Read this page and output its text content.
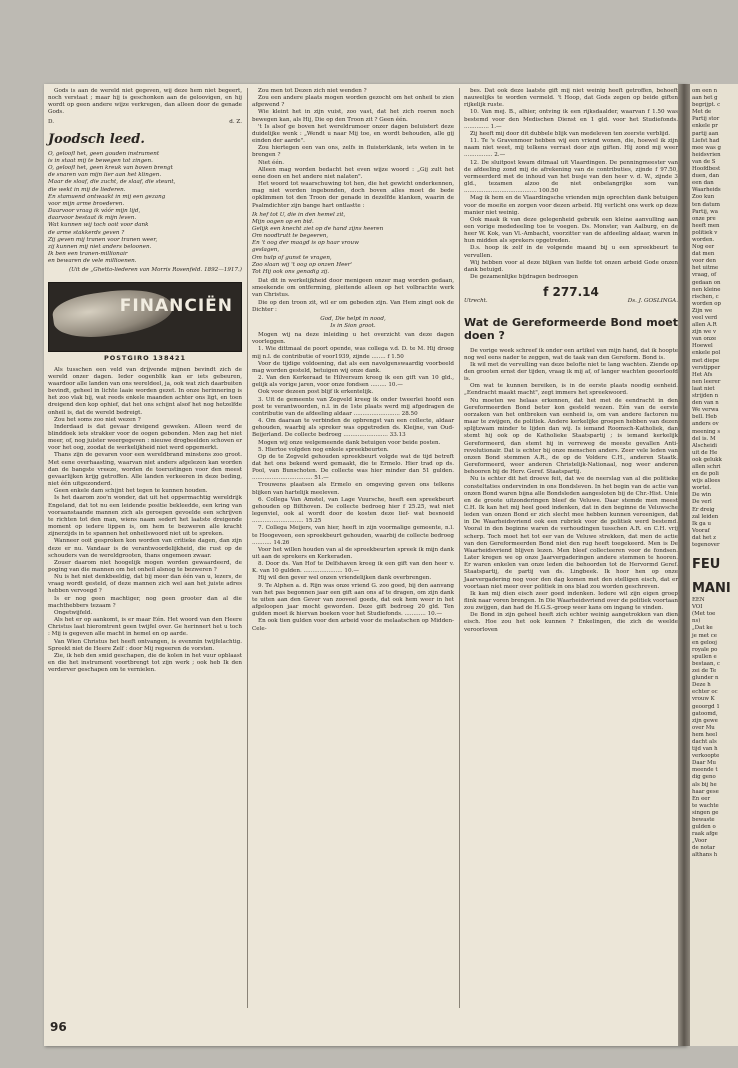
Gods is aan de wereld niet gegeven, wij deze hem niet begeert, noch verstaat ; maar hij is geschonken aan de geloovigen, en hij wordt op geen andere wijze verkregen, dan alleen door de genade Gods.

D.	d. Z.
Joodsch leed.
O, geloofl het, geen gouden instrument
is in staat mij te bewegen tot zingen.
O, geloofl het, geen kreuk van boven brengt
de snaren van mijn lier aan het klingen.
Maar de sloaf, die zucht, de slaaf, die steunt,
die wekt in mij de liederen.
En stamuend ontwaakt in mij een gezang
voor mijn arme broederen.
Daarvoor vraag ik vóór mijn lijd,
daarvoor bestaat ik mijn leven.
Wat kunnen wij toch ooit voor dank
de arme stakkerds geven ?
Zij geven mij tranen voor tranen weer,
zij kunnen mij niet anders beloonen.
Ik ben een tranen-millionair
en bewaren de vele millioenen.
(Uit de „Ghetto-liederen van Morris Rosenfeld. 1892—1917.)
FINANCIËN
POSTGIRO 138421

Als tusschen een veld van drijvende mijnen bevindt zich de wereld onzer dagen. Ieder oogenblik kan er iets gebeuren, waardoor alle landen van ons wereldeel, ja, ook wat zich daarbuiten bevindt, geheel in lichte laaie worden gezet. In onze herinnering is het zoo vlak bij, wat reeds enkele maanden achter ons ligt, en toen dreigend den kop ophief, dat het ons schijnt alsof het nog hetzelfde onheil is, dat de wereld bedreigt.

Zou het soms zoo niet wezen ?

Inderdaad is dat gevaar dreigend geweken. Alleen werd de blinddoek iets strakker voor de oogen gebonden. Men zag het niet meer, of, nog juister weergegeven : nieuwe drogbeelden schoven er voor het oog, zoodat de werkelijkheid niet werd opgemerkt.

Thans zijn de gevaren voor een wereldbrand minstens zoo groot. Met eene overhaasting, waarvan niet anders afgelezen kan worden dan de bangste vreeze, worden de toerustingen voor den meest gevaarlijken krijg getroffen. Alle landen verkeeren in deze beding, niet één uitgezonderd.

Geen enkele dam schijnt het tegen te kunnen houden.

Is het daarom zoo'n wonder, dat uit het oppermachtig wereldrijk Engeland, dat tot nu een leidende positie bekleedde, een kring van vooraanstaande mannen zich als geroepen gevoelde een schrijven te richten tot den man, wiens naam sedert het laatste dreigende moment op iedere lippen is, om hem te bezweren alle kracht zijnerzijds in te spannen het onheilswoord niet uit te spreken.

Wanneer ooit gesproken kon worden van critieke dagen, dan zijn deze er nu. Vandaar is de verantwoordelijkheid, die rust op de schouders van de wereldgrooten, thans ongemeen zwaar.

Zouer daarom niet hoogelijk mogen worden gewaardeerd, de poging van die mannen om het onheil alsnog te bezweren ?

Nu is het niet denkbeeldig, dat bij meer dan één van u, lezers, de vraag wordt gesteld, of deze mannen zich wel aan het juiste adres hebben vervoegd ?

Is er nog geen machtiger, nog geen grooter dan al die machthebbers tezaam ?

Ongetwijfeld.

Als het er op aankomt, is er maar Eén. Het woord van den Heere Christus laat hieromtrent geen twijfel over. Ge herinnert het u toch : Mij is gegeven alle macht in hemel en op aarde.

Van Wien Christus het heeft ontvangen, is evenmin twijfelachtig. Spreekt niet de Heere Zelf : door Mij regeeren de vorsten.

Zie, ik heb den smid geschapen, die de kolen in het vuur opblaast en die het instrument voortbrengt tot zijn werk ; ook heb Ik den verderver geschapen om te vernielen.

Zou men tot Dezen zich niet wenden ?

Zou een andere plaats mogen worden gezocht om het onheil te zien afgewend ?

Wie kleint het in zijn vuist, zoo vast, dat het zich roeren noch bewegen kan, als Hij, Die op den Troon zit ? Geen één.

't Is alsof ge boven het wereldrumoer onzer dagen beluistert deze duidelijke wenk : „Wendt u naar Mij toe, en wordt behouden, alle gij einden der aarde".

Zou hiertegen een van ons, zelfs in fluisterklank, iets weten in te brengen ?

Niet één.

Alleen mag worden bedacht het even wijze woord : „Gij zult het eene doen en het andere niet nalaten".

Het woord tot waarschuwing tot hen, die het gewicht onderkennen, mag niet worden ingebonden, doch boven alles moet de bede opklimmen tot den Troon der genade in dezelfde klanken, waarin de Psalmdichter zijn bange hart ontlastte :

Ik hef tot U, die in den hemel zit,
Mijn oogen op en bid.
Gelijk een knecht ziet op de hand zijns heeren
Om noodtrutt te begeeren,
En 't oog der maagd is op haar vrouw
geslagen,
Om hulp of gunst te vragen,
Zoo slaan wij 't oog op onzen Heer'
Tot Hij ook ons genadig zij.

Dat dit in werkelijkheid door menigeen onzer mag worden gedaan, smeekende om ontferming, pleitende alleen op het volbrachte werk van Christus.

Die op den troon zit, wil er om gebeden zijn. Van Hem zingt ook de Dichter :

God, Die helpt in nood,
Is in Sion groot.

Mogen wij na deze inleiding u het overzicht van deze dagen voorleggen.

1. Wie dittmaal de poort opende, was collega v.d. D. te M. Hij droeg mij n.l. de contributie of voor1939, zijnde ........ f 1.50

Voor de tijdige voldoening, dat als een navolgenswaardig voorbeeld mag worden gesteld, betuigen wij onze dank.

2. Van den Kerkeraad te Hilversum kreeg ik een gift van 10 gld., gelijk als vorige jaren, voor onze fondsen ......... 10.—

Ook voor dezeen post blijf ik erkentelijk.

3. Uit de gemeente van Zegveld kreeg ik onder tweerlei hoofd een post te verantwoorden, n.l. in de 1ste plaats werd mij afgedragen de contributie van de afdeeling aldaar .......................... 28.50

4. Om daaraan te verbinden de opbrengst van een collecte, aldaar gehouden, waarbij als spreker was opgetreden ds. Kleijne, van Oud-Beijerland. De collecte bedroeg ......................... 33.13

Mogen wij onze welgemeende dank betuigen voor beide posten.

5. Hiertoe volgden nog enkele spreekbeurten.

Op de te Zegveld gehouden spreekbeurt volgde wat de tijd betreft dat het ons bekend werd gemaakt, die te Ermelo. Hier trad op ds. Pool, van Bunschoten. De collecte was hier minder dan 51 gulden. .................................. 51.—

Trouwens plaatsen als Ermelo en omgeving geven ons telkens blijken van hartelijk meeleven.

6. Collega Van Amstel, van Lage Vuursche, heeft een spreekbeurt gehouden op Bilthoven. De collecte bedroeg hier f 25.25, wat niet legenviel, ook al wordt door de kosten deze lief- wat besnoeid ............................. 15.25

7. Collega Meijers, van hier, heeft in zijn voormalige gemeente, n.l. te Hoogeveen, een spreekbeurt gehouden, waarbij de collecte bedroeg ........... 14.26

Voor het willen houden van al de spreekbeurten spreek ik mijn dank uit aan de sprekers en Kerkeraden.

8. Door ds. Van Hof te Delfshaven kreeg ik een gift van den heer v. K. van 10 gulden. ...................... 10.—

Hij wil den gever wel onzen vriendelijken dank overbrengen.

9. Te Alphen a. d. Rijn was onze vriend G. zoo goed, bij den aanvang van het pas begonnen jaar een gift aan ons af te dragen, om zijn dank te uiten aan den Gever van zooveel goeds, dat ook hem weer in het afgeloopen jaar mocht geworden. Deze gift bedroeg 20 gld. Ten gulden moet ik hiervan boeken voor het Studiefonds. ............ 10.—

En ook tien gulden voor den arbeid voor de melaatschen op Midden-Cele-

bes. Dat ook deze laatste gift mij niet weinig heeft getroffen, behoeft nauwelijks te worden vermeld. 't Hoop, dat Gods zegen op beide giften rijkelijk ruste.

10. Van mej. B., alhier, ontving ik een rijksdaalder, waarvan f 1.50 was bestemd voor den Medischen Dienst en 1 gld. voor het Studiefonds. .............. 1.—

Zij heeft mij door dit dubbele blijk van medeleven ten zeerste verblijd.

11. Te 's Gravenmoer hebben wij een vriend wonen, die, hoewel ik zijn naam niet weet, mij telkens verrast door zijn giften. Hij zond mij weer ................ 2.—

12. De sluitpost kwam ditmaal uit Vlaardingen. De penningmeester van de afdeeling zond mij de afrekening van de contributies, zijnde f 97.50, vermeerderd met de inhoud van het busje van den heer v. d. W., zijnde 3 gld., tezamen alzoo de niet onbelangrijke som van ......................................... 100.50

Mag ik hem en de Vlaardingsche vrienden mijn oprechten dank betuigen voor de moeite en zorgen voor dezen arbeid. Hij verlicht ons werk op deze manier niet weinig.

Ook maak ik van deze gelegenheid gebruik een kleine aanvulling aan een vorige mededeeling toe te voegen. Ds. Monster, van Aalburg, en de heer W. Kok, van Vl.-Ambacht, voorzitter van de afdeeling aldaar, waren in hun midden als sprekers opgetreden.

D.s. hoop ik zelf in de volgende maand bij u een spreekbeurt te vervullen.

Wij hebben voor al deze blijken van liefde tot onzen arbeid Gode onzen dank betuigd.

De gezamenlijke bijdragen bedroegen

f 277.14
Utrecht.	Ds. J. GOSLINGA.
Wat de Gereformeerde Bond moet doen ?

De vorige week schreef ik onder een artikel van mijn hand, dat ik hoopte nog wel eens nader te zeggen, wat de taak van den Gereform. Bond is.

Ik wil met de vervulling van deze belofte niet te lang wachten. Ziende op den grooten ernst der tijden, vraag ik mij af, of langer wachten geoorloofd is.

Om wat te kunnen bereiken, is in de eerste plaats noodig eenheid. „Eendracht maakt macht", zegt immers het spreekwoord.

Nu moeten we helaas erkennen, dat het met de eendracht in den Gereformeerden Bond beter kon gesteld wezen. Eén van de eerste oorzaken van het ontbreken van eenheid is, om van andere factoren nu maar te zwijgen, de politiek. Andere kerkelijke groepen hebben van dezen splijtzwam minder te lijden dan wij. Is iemand Roomsch-Katholiek, dan stemt hij ook op de Katholieke Staatspartij ; is iemand kerkelijk Gereformeerd, dan stemt hij in verreweg de meeste gevallen Anti-revolutionair. Dat is echter bij onze menschen anders. Zeer vele leden van onzen Bond stemmen A.R., de op de Voldere C.H., anderen Staatk. Gereformeerd, weer anderen Christelijk-Nationaal, nog weer anderen behooren bij de Herv. Geref. Staatspartij.

Nu is echter dit het droeve feit, dat we de neerslag van al die politieke consteltaties ondervinden in ons Bondsleven. In het begin van de actie van onzen Bond waren bijna alle Bondsleden aangesloten bij de Chr.-Hist. Unie en de groote uitzonderingen bleef de Veluwe. Daar stemde men meest C.H. Ik kan het mij heel goed indenken, dat in den beginne de Veluwsche leden van onzen Bond er zich slecht mee hebben kunnen vereenigen, dat in De Waarheidsvriend ook een rubriek voor de politiek werd bestemd. Vooral in den beginne waren de verhoudingen tusschen A.R. en C.H. vrij scherp. Toch moet het tot eer van de Veluwe strekken, dat men de actie van den Gereformeerden Bond niet den rug heeft toegekeerd. Men is De Waarheidsvriend blijven lezen. Men bleef collecteeren voor de fondsen. Later kregen we op onze Jaarvergaderingen andere stemmen te hooren. Er waren enkelen van onze leden die behoorden tot de Hervormd Geref. Staatspartij, de partij van ds. Lingbeek. Ik hoor hen op onze Jaarvergadering nog voor den dag komen met den stelligen eisch, dat er voortaan niet meer over politiek in ons blad zou worden geschreven.

Ik kan mij dien eisch zeer goed indenken. Iedere wil zijn eigen groep flink naar voren brengen. In Die Waarheidsvriend over de politiek voortaan zou zwijgen, dan had de H.G.S.-groep weer kans om ingang te vinden.

De Bond in zijn geheel heeft zich echter weinig aangetrokken van dien eisch. Hoe zou het ook kunnen ? Enkelingen, die zich de weelde veroorloven

96
om een n
aan het g
begrijpt. c
Met de
Partij stor
enkele pr
partij aan
Liefst had
mee was g
heidsvrien
van de S
Hoofdbest
duen, dan
een dan
Waarheids
Zoo kun
ten datum
Partij, wa
onze pre
heeft men
politiek v
worden.
Nog eer
dat men
voor den
het uitme
vraag, of
gedaan on
nen kleine
rischen, c
worden op
Zijn we
veel verd
allen A.R
zijn we v
van onze
Hoewel
enkele pol
met diepe
verstipper
Het Afs
nen leerer
laat niet
strijden n
den van n
We verwa
bell. Heb
anders ov
meening s
del is. M
Alscheidi
uit de He
ook gelukk
allen schri
en de poli
wijs allees
wortel.
De win
De verl
Er dreig
zal leiden
Ik ga u
Vooraf
dat het z
tegenover
FEU
MANI
EEN
VOI
(Met toe
ns)
„Dat ke
je met ce
en gelooj
royale po
spullen e
bestaan, c
zei de Te
glunder n
Deze h
echter oc
vrouw K
geoorgd 1
gatoomd,
zijn gewe
over Mu
hem heel
dacht als
tijd van h
verkoopte
Daar Mu
meende t
dig geno
als bij he
haar gese
En eer
te wachte
singen ge
bewaste
gulden o
raak afge
„Voor
de notar
althans h
